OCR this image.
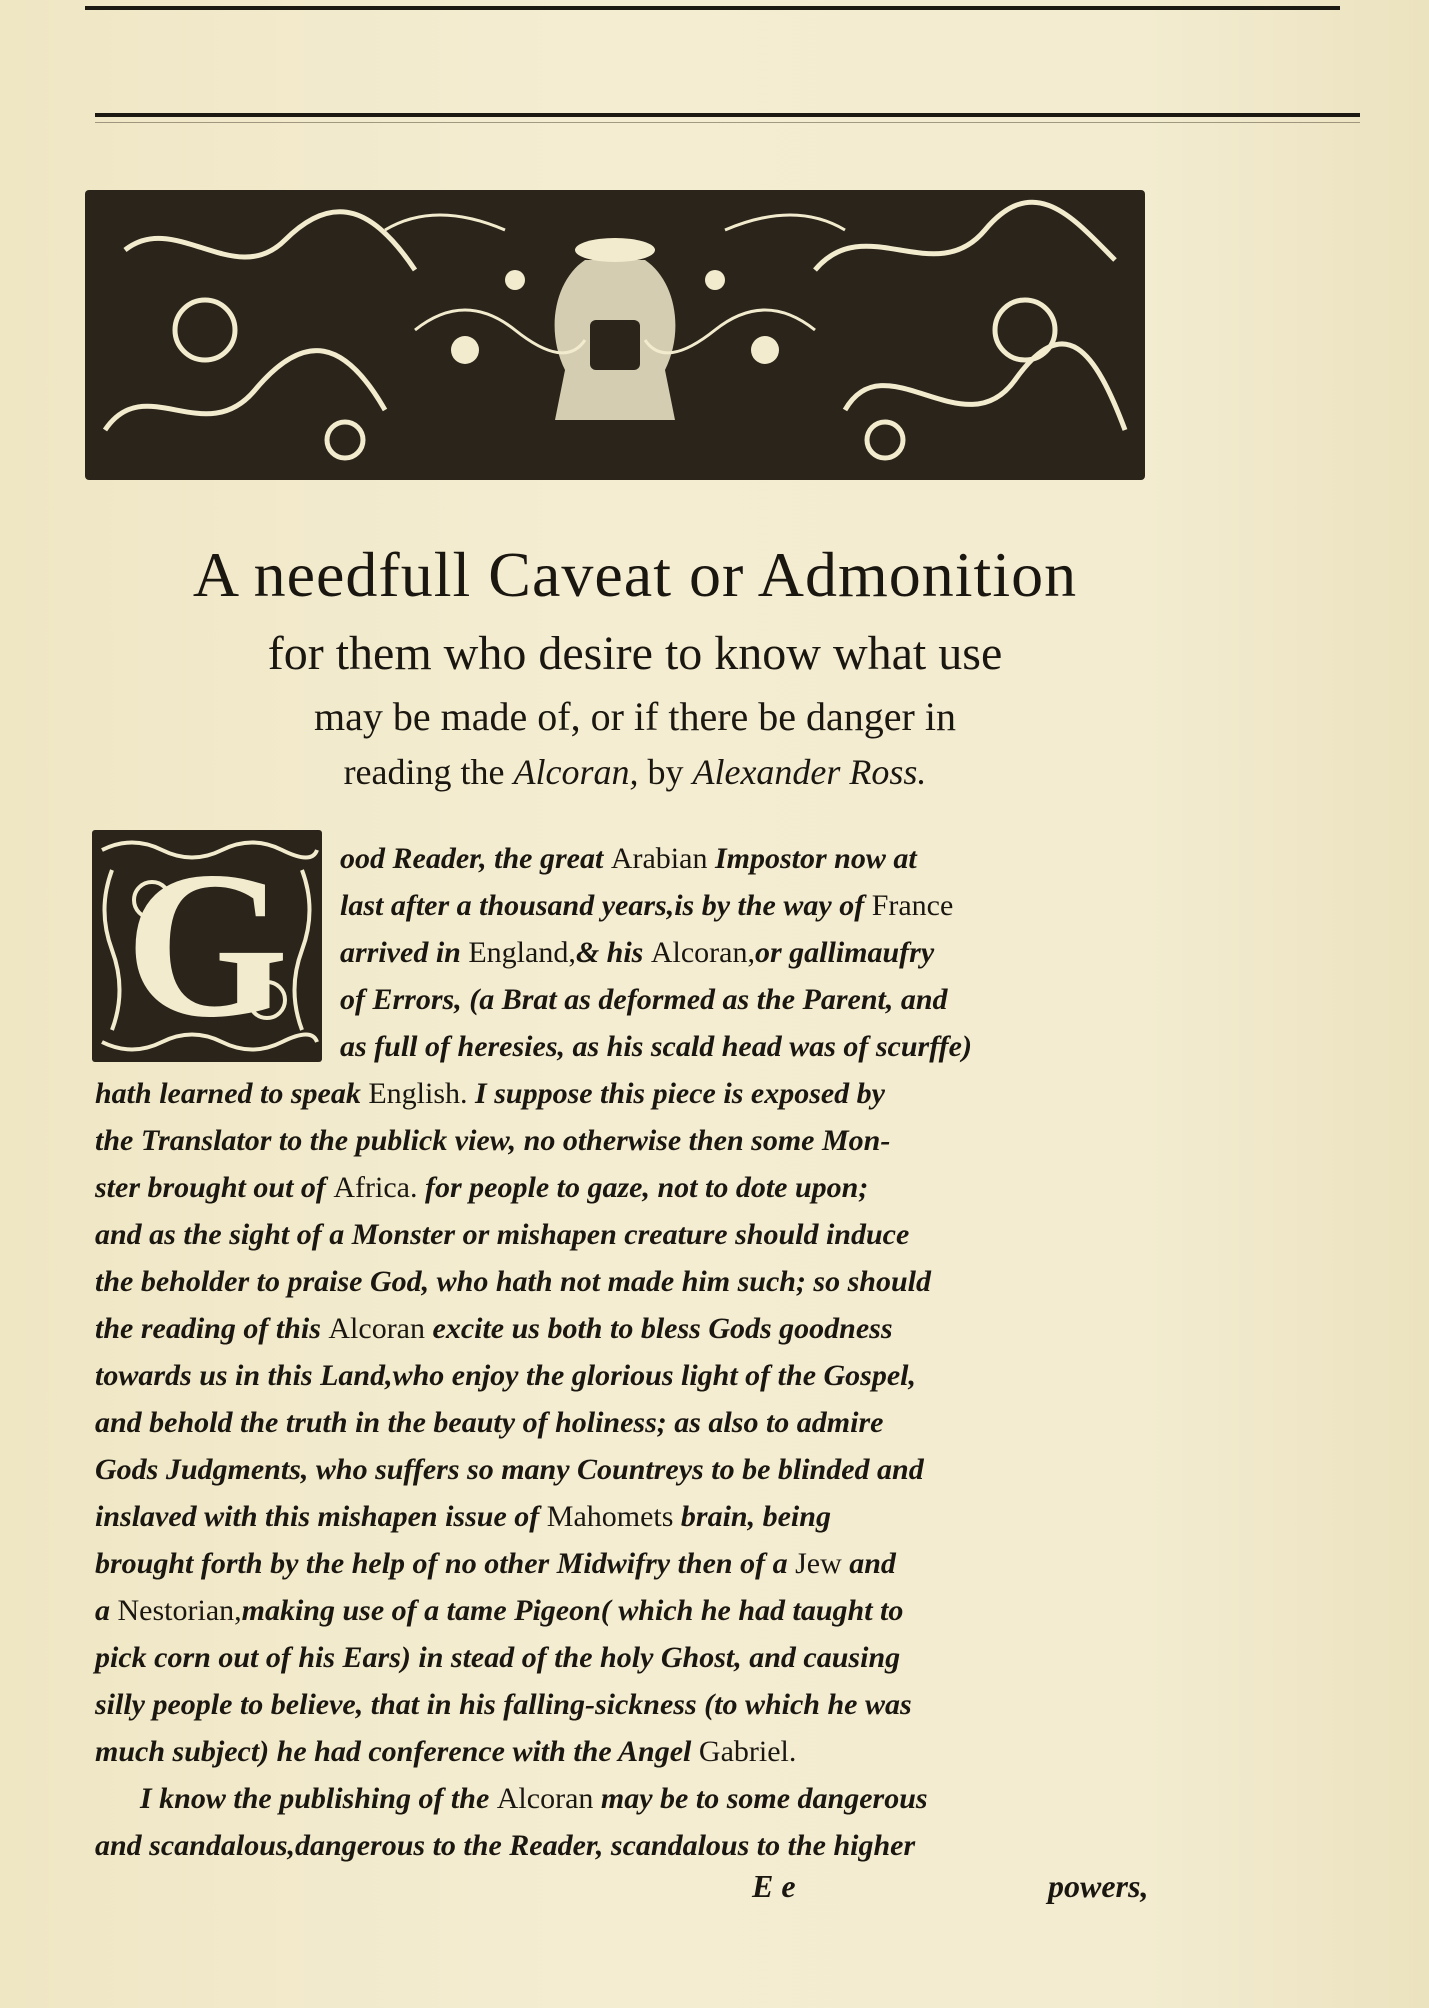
A needfull Caveat or Admonition

for them who desire to know what use

may be made of, or if there be danger in

reading the Alcoran, by Alexander Ross.

G ood Reader, the great Arabian Impostor now at
last after a thousand years,is by the way of France
arrived in England,& his Alcoran,or gallimaufry
of Errors, (a Brat as deformed as the Parent, and
as full of heresies, as his scald head was of scurffe)
hath learned to speak English. I suppose this piece is exposed by
the Translator to the publick view, no otherwise then some Mon-
ster brought out of Africa. for people to gaze, not to dote upon;
and as the sight of a Monster or mishapen creature should induce
the beholder to praise God, who hath not made him such; so should
the reading of this Alcoran excite us both to bless Gods goodness
towards us in this Land,who enjoy the glorious light of the Gospel,
and behold the truth in the beauty of holiness; as also to admire
Gods Judgments, who suffers so many Countreys to be blinded and
inslaved with this mishapen issue of Mahomets brain, being
brought forth by the help of no other Midwifry then of a Jew and
a Nestorian,making use of a tame Pigeon( which he had taught to
pick corn out of his Ears) in stead of the holy Ghost, and causing
silly people to believe, that in his falling-sickness (to which he was
much subject) he had conference with the Angel Gabriel.
I know the publishing of the Alcoran may be to some dangerous
and scandalous,dangerous to the Reader, scandalous to the higher
E e	powers,
